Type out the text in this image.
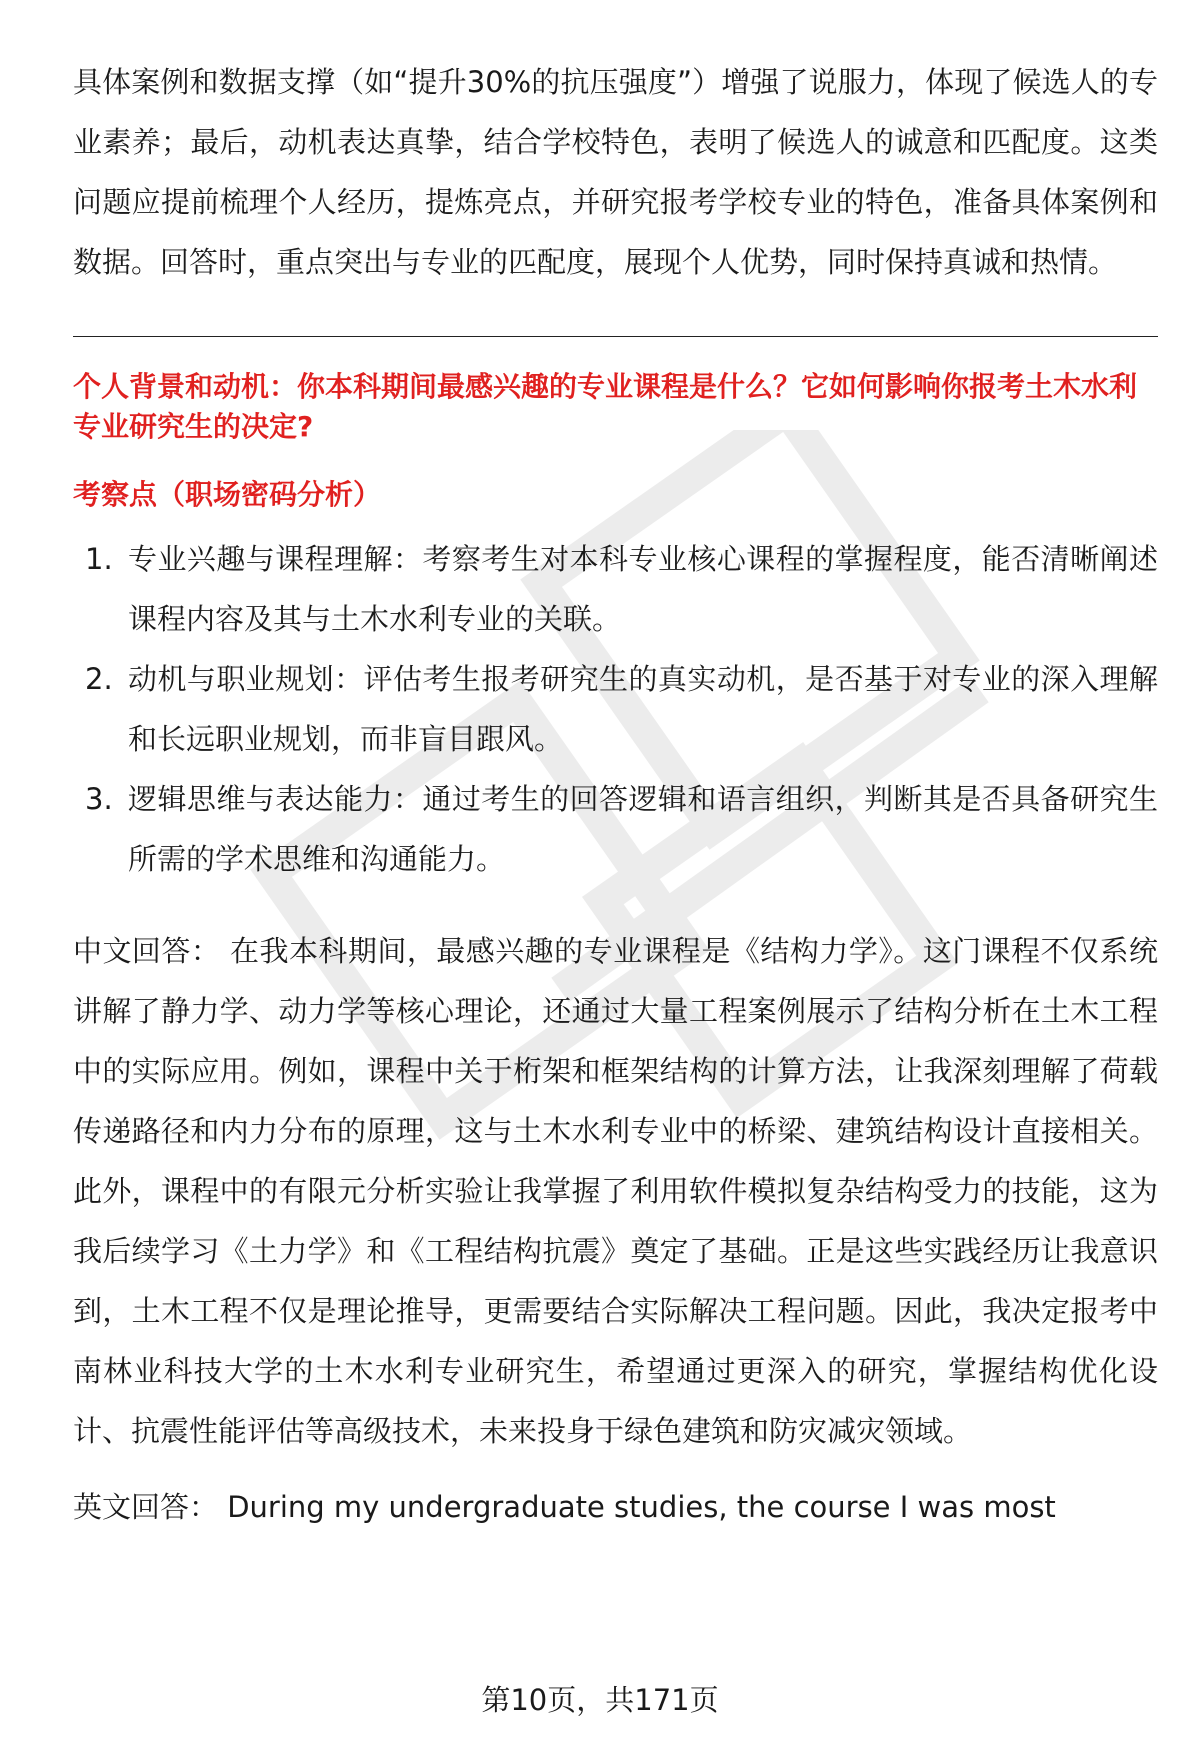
具体案例和数据支撑（如“提升30%的抗压强度”）增强了说服力，体现了候选人的专业素养；最后，动机表达真挚，结合学校特色，表明了候选人的诚意和匹配度。这类问题应提前梳理个人经历，提炼亮点，并研究报考学校专业的特色，准备具体案例和数据。回答时，重点突出与专业的匹配度，展现个人优势，同时保持真诚和热情。

个人背景和动机：你本科期间最感兴趣的专业课程是什么？它如何影响你报考土木水利专业研究生的决定?

考察点（职场密码分析）

1. 专业兴趣与课程理解：考察考生对本科专业核心课程的掌握程度，能否清晰阐述课程内容及其与土木水利专业的关联。
2. 动机与职业规划：评估考生报考研究生的真实动机，是否基于对专业的深入理解和长远职业规划，而非盲目跟风。
3. 逻辑思维与表达能力：通过考生的回答逻辑和语言组织，判断其是否具备研究生所需的学术思维和沟通能力。

中文回答： 在我本科期间，最感兴趣的专业课程是《结构力学》。这门课程不仅系统讲解了静力学、动力学等核心理论，还通过大量工程案例展示了结构分析在土木工程中的实际应用。例如，课程中关于桁架和框架结构的计算方法，让我深刻理解了荷载传递路径和内力分布的原理，这与土木水利专业中的桥梁、建筑结构设计直接相关。此外，课程中的有限元分析实验让我掌握了利用软件模拟复杂结构受力的技能，这为我后续学习《土力学》和《工程结构抗震》奠定了基础。正是这些实践经历让我意识到，土木工程不仅是理论推导，更需要结合实际解决工程问题。因此，我决定报考中南林业科技大学的土木水利专业研究生，希望通过更深入的研究，掌握结构优化设计、抗震性能评估等高级技术，未来投身于绿色建筑和防灾减灾领域。

英文回答： During my undergraduate studies, the course I was most

第10页，共171页
